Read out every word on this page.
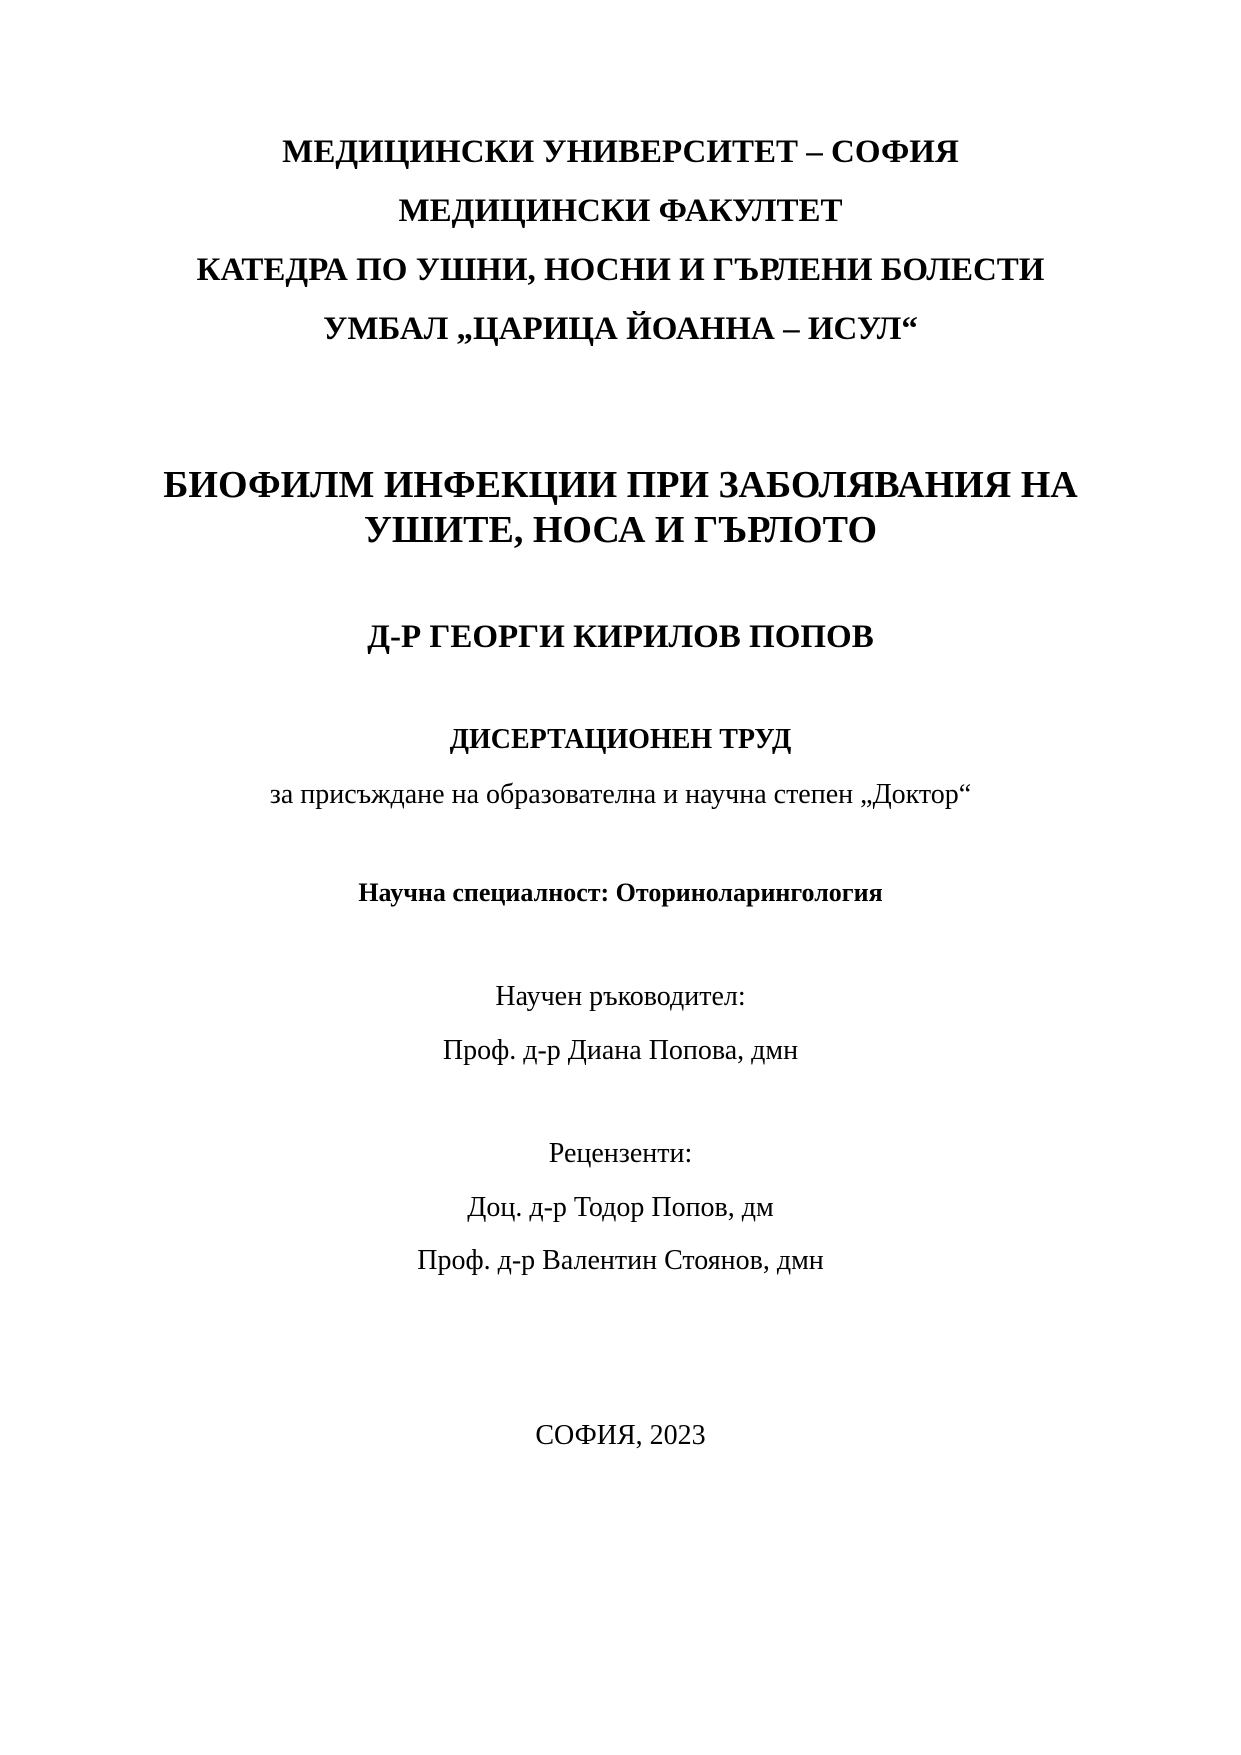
МЕДИЦИНСКИ УНИВЕРСИТЕТ – СОФИЯ
МЕДИЦИНСКИ ФАКУЛТЕТ
КАТЕДРА ПО УШНИ, НОСНИ И ГЪРЛЕНИ БОЛЕСТИ
УМБАЛ „ЦАРИЦА ЙОАННА – ИСУЛ“
БИОФИЛМ ИНФЕКЦИИ ПРИ ЗАБОЛЯВАНИЯ НА
УШИТЕ, НОСА И ГЪРЛОТО
Д-Р ГЕОРГИ КИРИЛОВ ПОПОВ
ДИСЕРТАЦИОНЕН ТРУД
за присъждане на образователна и научна степен „Доктор“
Научна специалност: Оториноларингология
Научен ръководител:
Проф. д-р Диана Попова, дмн
Рецензенти:
Доц. д-р Тодор Попов, дм
Проф. д-р Валентин Стоянов, дмн
СОФИЯ, 2023
